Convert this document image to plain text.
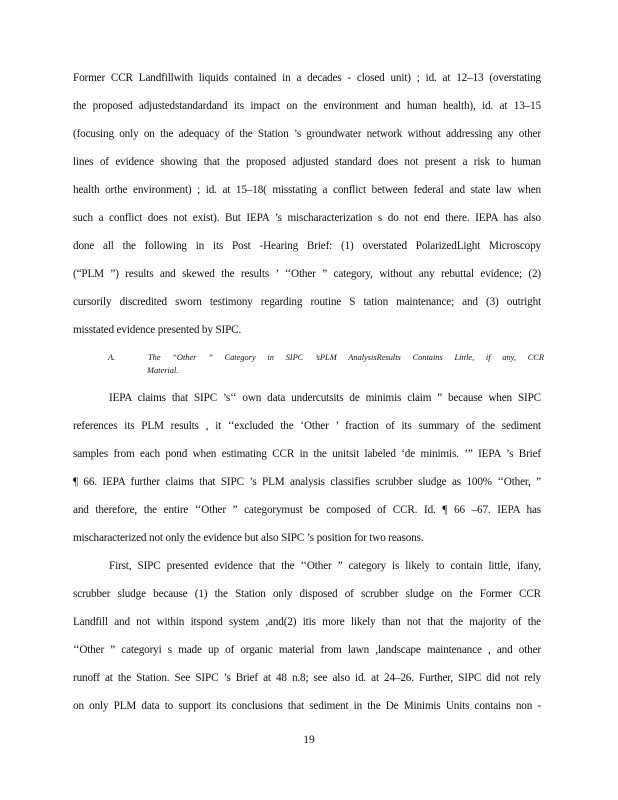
Former CCR Landfillwith liquids contained in a decades - closed unit) ; id. at 12–13 (overstating
the proposed adjustedstandardand its impact on the environment and human health), id. at 13–15
(focusing only on the adequacy of the Station ’s groundwater network without addressing any other
lines of evidence showing that the proposed adjusted standard does not present a risk to human
health orthe environment) ; id. at 15–18( misstating a conflict between federal and state law when
such a conflict does not exist). But IEPA ’s mischaracterization s do not end there. IEPA has also
done all the following in its Post -Hearing Brief: (1) overstated PolarizedLight Microscopy
(“PLM ”) results and skewed the results ’ ‘‘Other ” category, without any rebuttal evidence; (2)
cursorily discredited sworn testimony regarding routine S tation maintenance; and (3) outright
misstated evidence presented by SIPC.
A.	The ‘‘Other ” Category in SIPC ’sPLM AnalysisResults Contains Little, if any, CCR
Material.
IEPA claims that SIPC ’s‘‘ own data undercutsits de minimis claim ” because when SIPC
references its PLM results , it ‘‘excluded the ‘Other ’ fraction of its summary of the sediment
samples from each pond when estimating CCR in the unitsit labeled ‘de minimis. ’” IEPA ’s Brief
¶ 66. IEPA further claims that SIPC ’s PLM analysis classifies scrubber sludge as 100% ‘‘Other, ”
and therefore, the entire ‘‘Other ” categorymust be composed of CCR. Id. ¶ 66 –67. IEPA has
mischaracterized not only the evidence but also SIPC ’s position for two reasons.
First, SIPC presented evidence that the ‘‘Other ” category is likely to contain little, ifany,
scrubber sludge because (1) the Station only disposed of scrubber sludge on the Former CCR
Landfill and not within itspond system ,and(2) itis more likely than not that the majority of the
‘‘Other ” categoryi s made up of organic material from lawn ,landscape maintenance , and other
runoff at the Station. See SIPC ’s Brief at 48 n.8; see also id. at 24–26. Further, SIPC did not rely
on only PLM data to support its conclusions that sediment in the De Minimis Units contains non -
19
